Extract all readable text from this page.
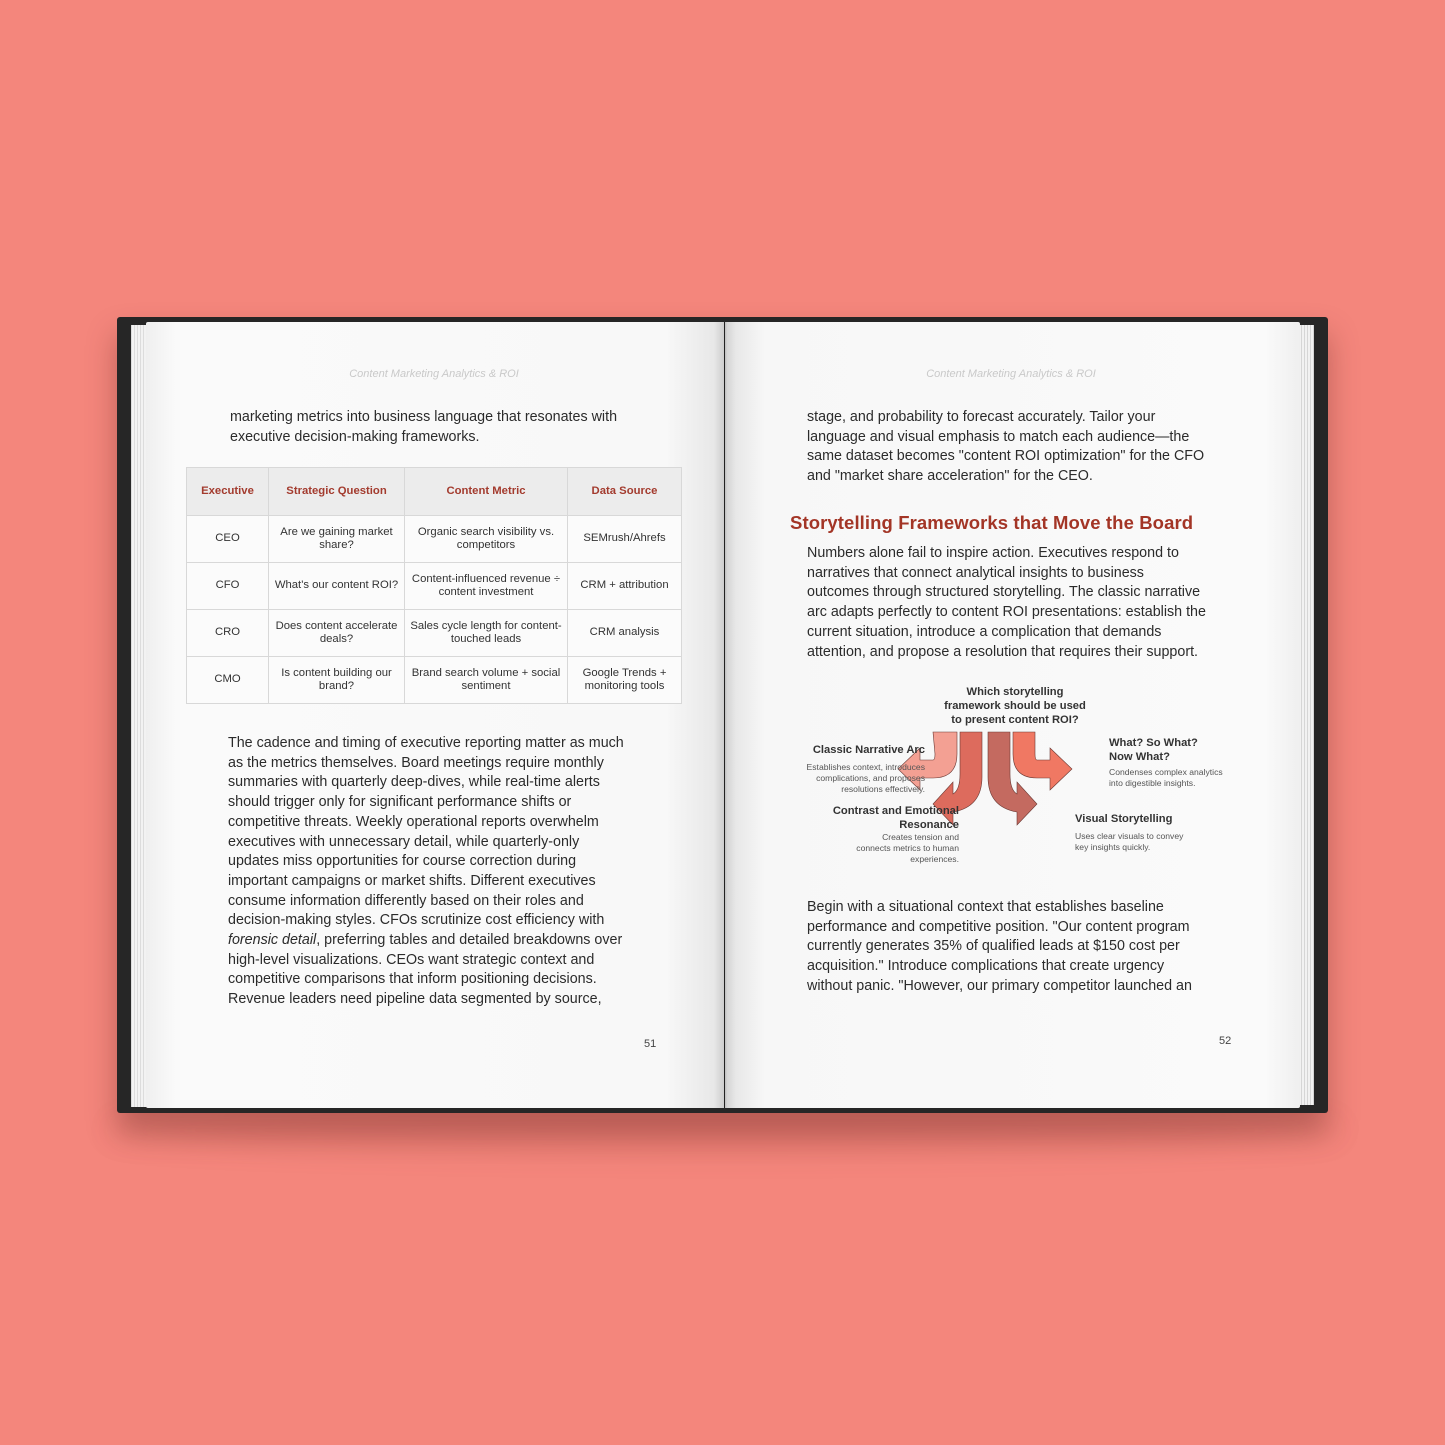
Content Marketing Analytics & ROI
marketing metrics into business language that resonates with
executive decision-making frameworks.
Executive	Strategic Question	Content Metric	Data Source
CEO	Are we gaining market share?	Organic search visibility vs. competitors	SEMrush/Ahrefs
CFO	What's our content ROI?	Content-influenced revenue ÷ content investment	CRM + attribution
CRO	Does content accelerate deals?	Sales cycle length for content-touched leads	CRM analysis
CMO	Is content building our brand?	Brand search volume + social sentiment	Google Trends + monitoring tools
The cadence and timing of executive reporting matter as much
as the metrics themselves. Board meetings require monthly
summaries with quarterly deep-dives, while real-time alerts
should trigger only for significant performance shifts or
competitive threats. Weekly operational reports overwhelm
executives with unnecessary detail, while quarterly-only
updates miss opportunities for course correction during
important campaigns or market shifts. Different executives
consume information differently based on their roles and
decision-making styles. CFOs scrutinize cost efficiency with
forensic detail, preferring tables and detailed breakdowns over
high-level visualizations. CEOs want strategic context and
competitive comparisons that inform positioning decisions.
Revenue leaders need pipeline data segmented by source,
51
Content Marketing Analytics & ROI
stage, and probability to forecast accurately. Tailor your
language and visual emphasis to match each audience—the
same dataset becomes "content ROI optimization" for the CFO
and "market share acceleration" for the CEO.
Storytelling Frameworks that Move the Board
Numbers alone fail to inspire action. Executives respond to
narratives that connect analytical insights to business
outcomes through structured storytelling. The classic narrative
arc adapts perfectly to content ROI presentations: establish the
current situation, introduce a complication that demands
attention, and propose a resolution that requires their support.
Which storytelling
framework should be used
to present content ROI?
Classic Narrative Arc
Establishes context, introduces
complications, and proposes
resolutions effectively.
Contrast and Emotional
Resonance
Creates tension and
connects metrics to human
experiences.
What? So What?
Now What?
Condenses complex analytics
into digestible insights.
Visual Storytelling
Uses clear visuals to convey
key insights quickly.
Begin with a situational context that establishes baseline
performance and competitive position. "Our content program
currently generates 35% of qualified leads at $150 cost per
acquisition." Introduce complications that create urgency
without panic. "However, our primary competitor launched an
52
